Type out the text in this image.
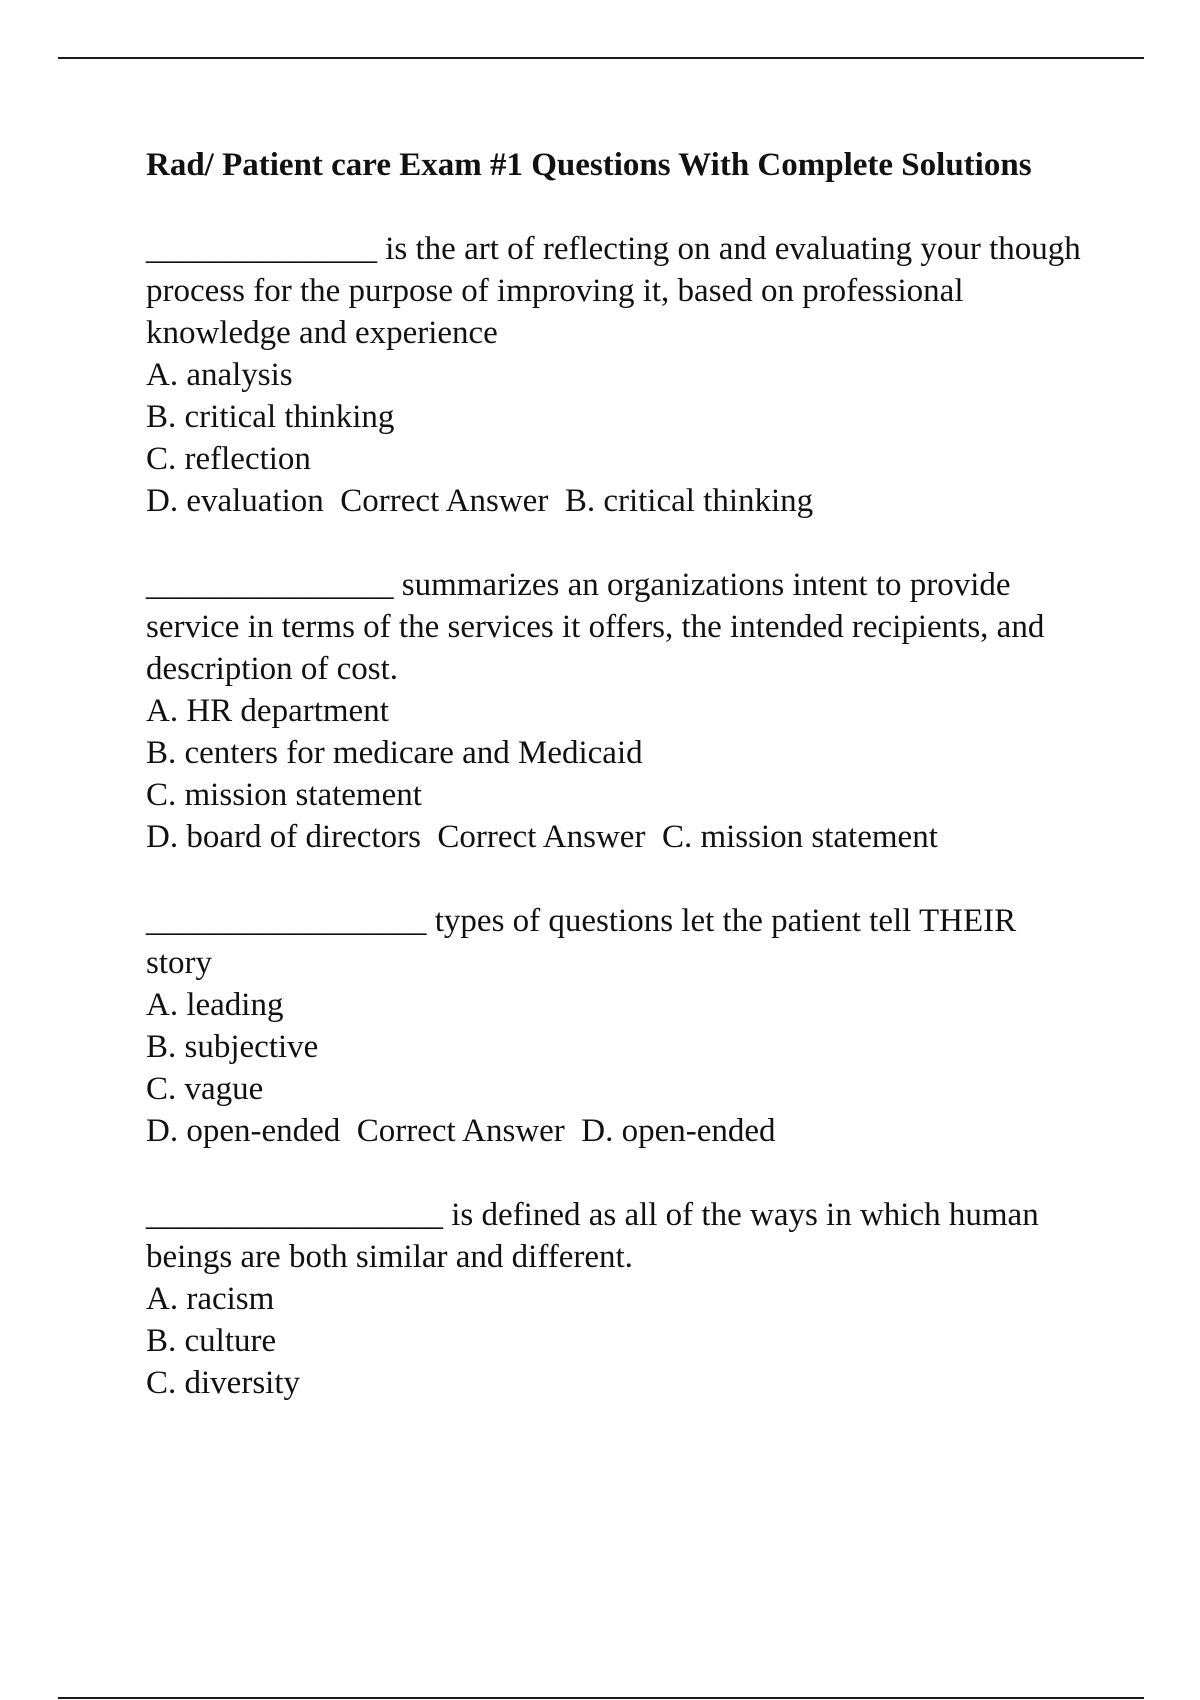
Rad/ Patient care Exam #1 Questions With Complete Solutions

______________ is the art of reflecting on and evaluating your though process for the purpose of improving it, based on professional knowledge and experience

A. analysis

B. critical thinking

C. reflection

D. evaluation Correct Answer B. critical thinking

_______________ summarizes an organizations intent to provide service in terms of the services it offers, the intended recipients, and description of cost.

A. HR department

B. centers for medicare and Medicaid

C. mission statement

D. board of directors Correct Answer C. mission statement

_________________ types of questions let the patient tell THEIR story

A. leading

B. subjective

C. vague

D. open-ended Correct Answer D. open-ended

__________________ is defined as all of the ways in which human beings are both similar and different.

A. racism

B. culture

C. diversity
